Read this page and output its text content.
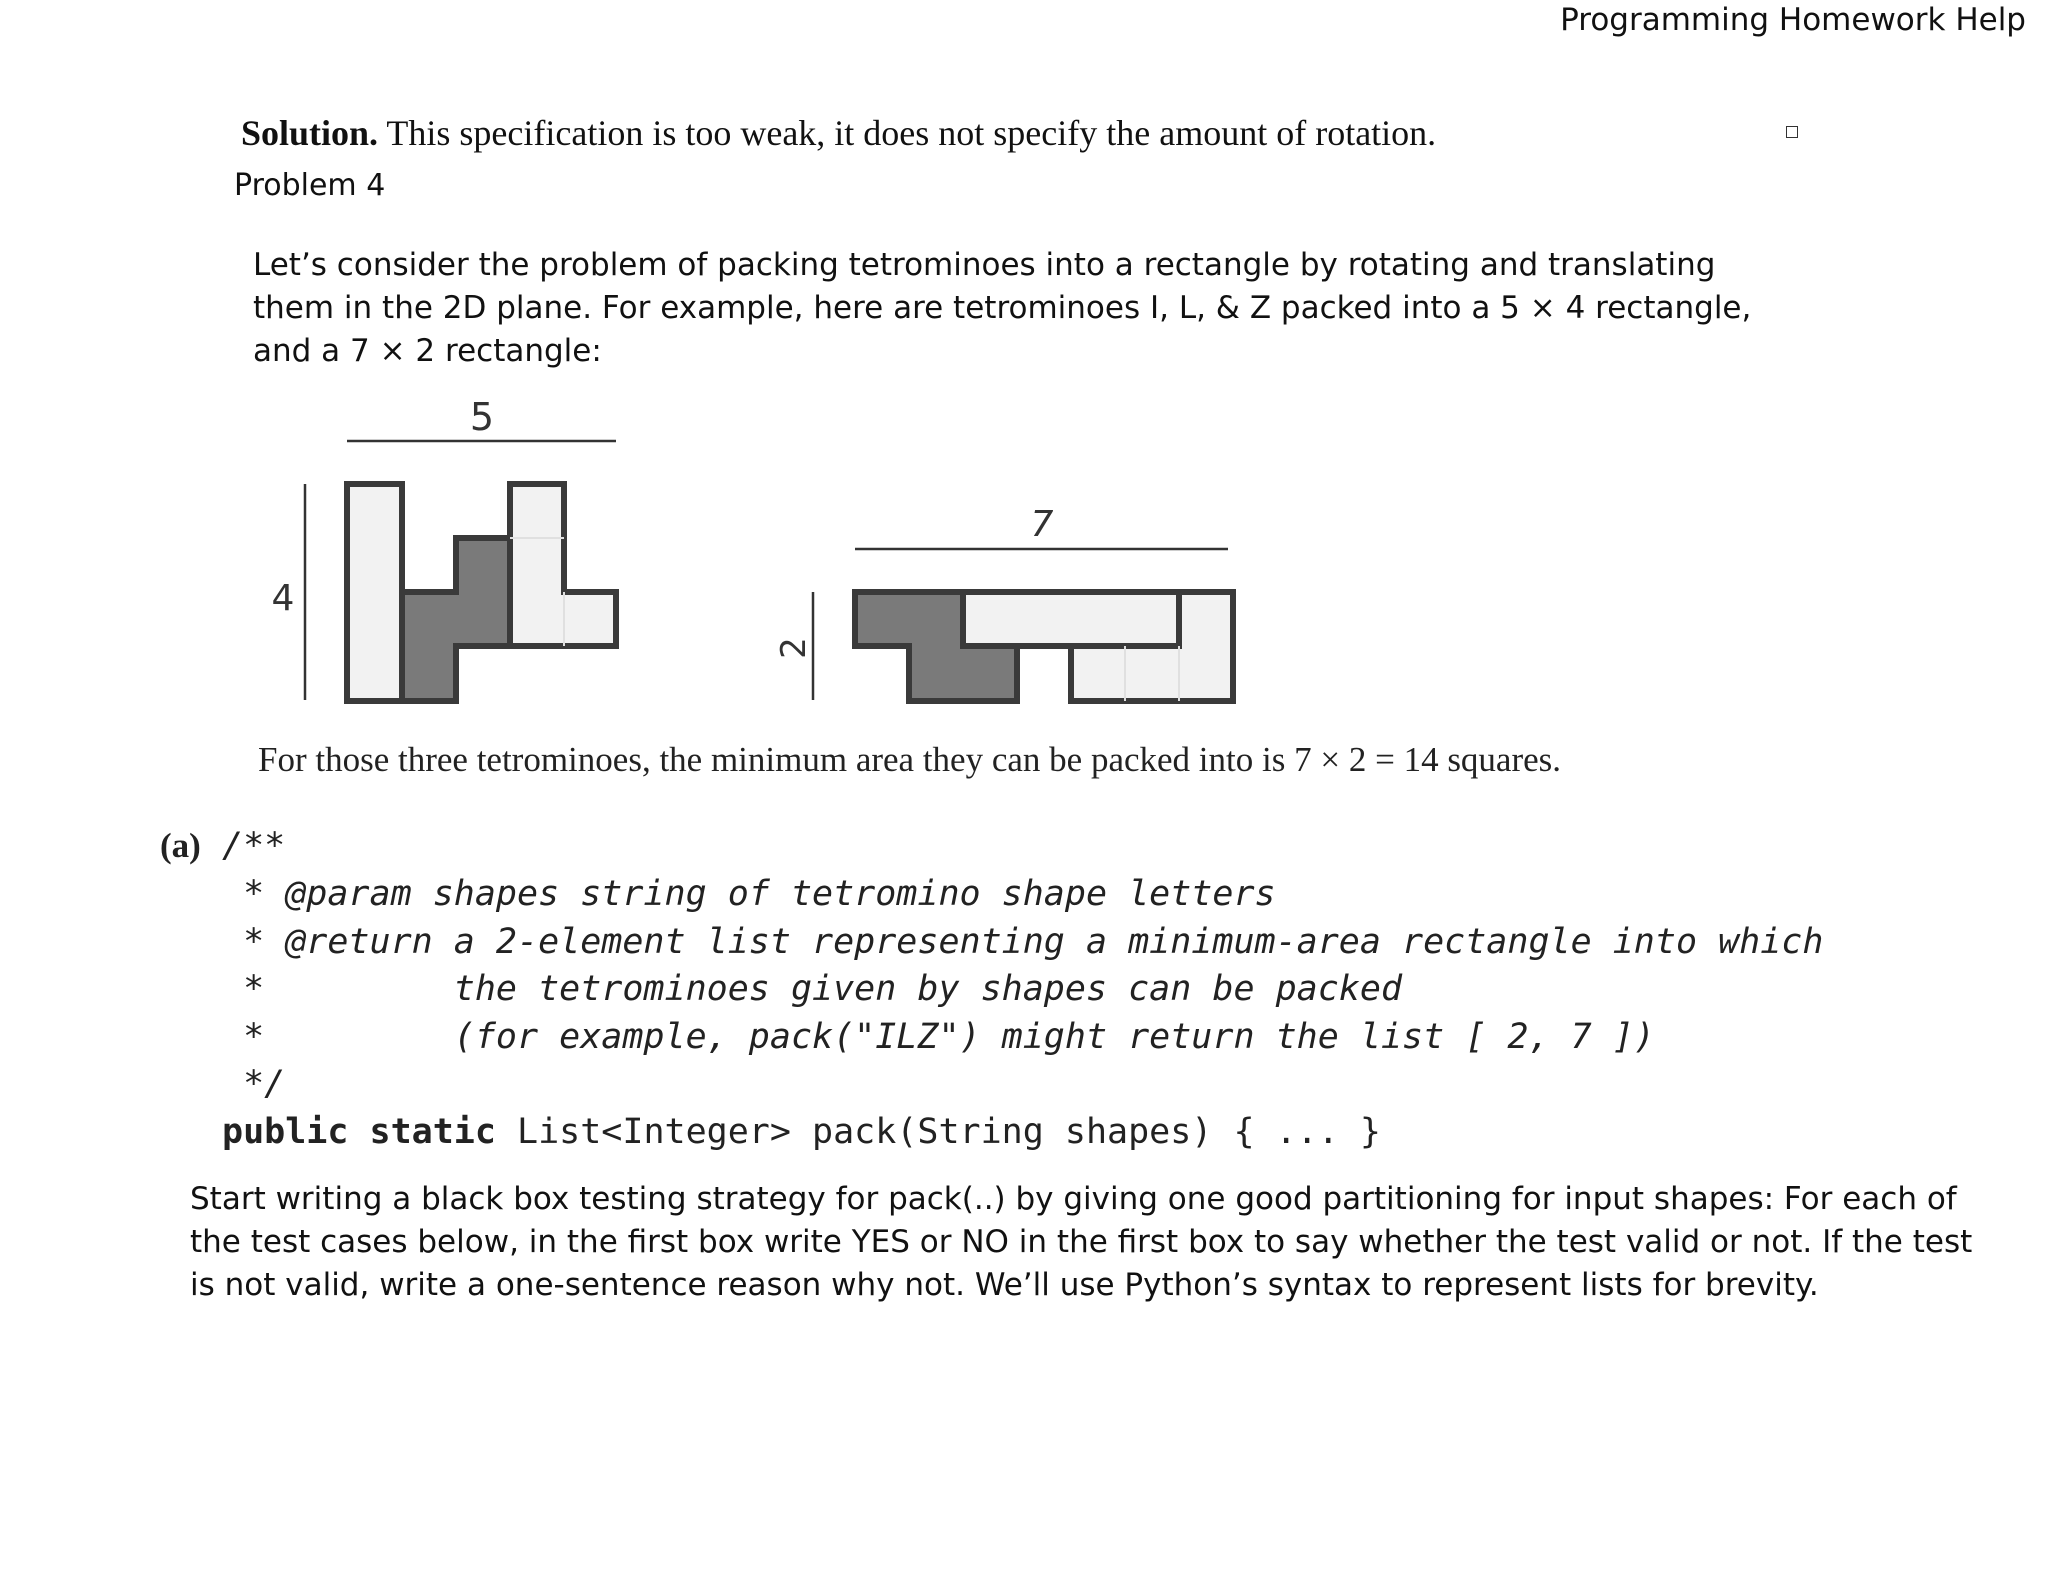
Programming Homework Help
Solution. This specification is too weak, it does not specify the amount of rotation.
Problem 4
Let’s consider the problem of packing tetrominoes into a rectangle by rotating and translating
them in the 2D plane. For example, here are tetrominoes I, L, & Z packed into a 5 × 4 rectangle,
and a 7 × 2 rectangle:
5
4
7
2
For those three tetrominoes, the minimum area they can be packed into is 7 × 2 = 14 squares.
(a) /**
* @param shapes string of tetromino shape letters
* @return a 2-element list representing a minimum-area rectangle into which
*         the tetrominoes given by shapes can be packed
*         (for example, pack("ILZ") might return the list [ 2, 7 ])
*/
public static List<Integer> pack(String shapes) { ... }
Start writing a black box testing strategy for pack(..) by giving one good partitioning for input shapes: For each of
the test cases below, in the first box write YES or NO in the first box to say whether the test valid or not. If the test
is not valid, write a one-sentence reason why not. We’ll use Python’s syntax to represent lists for brevity.
